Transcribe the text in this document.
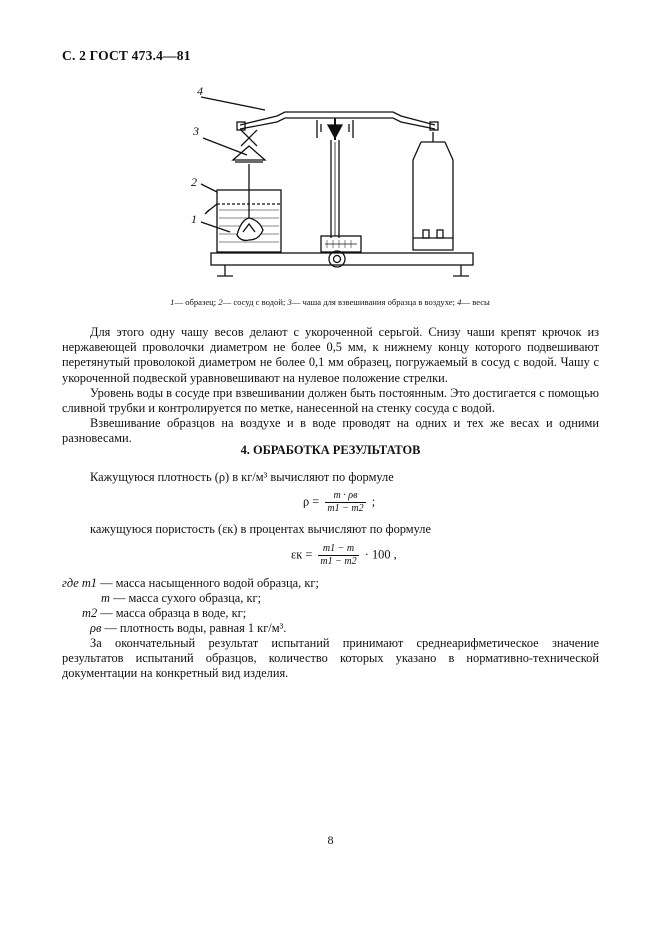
С. 2 ГОСТ 473.4—81
4
3
2
1
1— образец; 2— сосуд с водой; 3— чаша для взвешивания образца в воздухе; 4— весы
Для этого одну чашу весов делают с укороченной серьгой. Снизу чаши крепят крючок из нержавеющей проволочки диаметром не более 0,5 мм, к нижнему концу которого подвешивают перетянутый проволокой диаметром не более 0,1 мм образец, погружаемый в сосуд с водой. Чашу с укороченной подвеской уравновешивают на нулевое положение стрелки.
Уровень воды в сосуде при взвешивании должен быть постоянным. Это достигается с помощью сливной трубки и контролируется по метке, нанесенной на стенку сосуда с водой.
Взвешивание образцов на воздухе и в воде проводят на одних и тех же весах и одними разновесами.
4. ОБРАБОТКА РЕЗУЛЬТАТОВ
Кажущуюся плотность (ρ) в кг/м³ вычисляют по формуле
$\rho = \frac{m \cdot \rho в}{m1 - m2}$ ;
кажущуюся пористость (εк) в процентах вычисляют по формуле
$\varepsilon к = \frac{m1 - m}{m1 - m2} \cdot 100$ ,
где m1 — масса насыщенного водой образца, кг;
m — масса сухого образца, кг;
m2 — масса образца в воде, кг;
ρв — плотность воды, равная 1 кг/м³.
За окончательный результат испытаний принимают среднеарифметическое значение результатов испытаний образцов, количество которых указано в нормативно-технической документации на конкретный вид изделия.
8
